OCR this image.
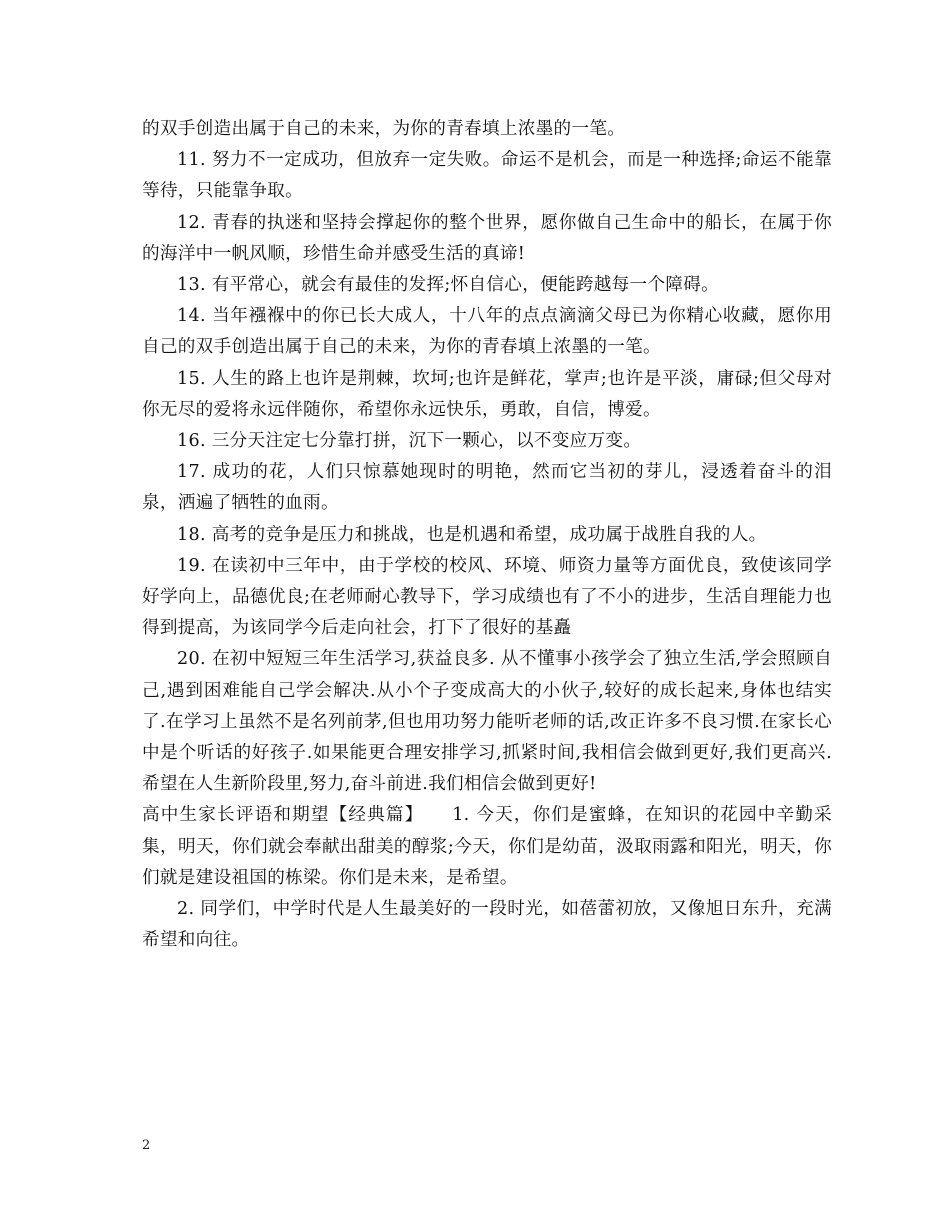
的双手创造出属于自己的未来，为你的青春填上浓墨的一笔。

11. 努力不一定成功，但放弃一定失败。命运不是机会，而是一种选择;命运不能靠等待，只能靠争取。

12. 青春的执迷和坚持会撑起你的整个世界，愿你做自己生命中的船长，在属于你的海洋中一帆风顺，珍惜生命并感受生活的真谛!

13. 有平常心，就会有最佳的发挥;怀自信心，便能跨越每一个障碍。

14. 当年襁褓中的你已长大成人，十八年的点点滴滴父母已为你精心收藏，愿你用自己的双手创造出属于自己的未来，为你的青春填上浓墨的一笔。

15. 人生的路上也许是荆棘，坎坷;也许是鲜花，掌声;也许是平淡，庸碌;但父母对你无尽的爱将永远伴随你，希望你永远快乐，勇敢，自信，博爱。

16. 三分天注定七分靠打拼，沉下一颗心，以不变应万变。

17. 成功的花，人们只惊慕她现时的明艳，然而它当初的芽儿，浸透着奋斗的泪泉，洒遍了牺牲的血雨。

18. 高考的竞争是压力和挑战，也是机遇和希望，成功属于战胜自我的人。

19. 在读初中三年中，由于学校的校风、环境、师资力量等方面优良，致使该同学好学向上，品德优良;在老师耐心教导下，学习成绩也有了不小的进步，生活自理能力也得到提高，为该同学今后走向社会，打下了很好的基矗

20. 在初中短短三年生活学习,获益良多. 从不懂事小孩学会了独立生活,学会照顾自己,遇到困难能自己学会解决.从小个子变成高大的小伙子,较好的成长起来,身体也结实了.在学习上虽然不是名列前茅,但也用功努力能听老师的话,改正许多不良习惯.在家长心中是个听话的好孩子.如果能更合理安排学习,抓紧时间,我相信会做到更好,我们更高兴.希望在人生新阶段里,努力,奋斗前进.我们相信会做到更好!

高中生家长评语和期望【经典篇】　　1. 今天，你们是蜜蜂，在知识的花园中辛勤采集，明天，你们就会奉献出甜美的醇浆;今天，你们是幼苗，汲取雨露和阳光，明天，你们就是建设祖国的栋梁。你们是未来，是希望。

2. 同学们，中学时代是人生最美好的一段时光，如蓓蕾初放，又像旭日东升，充满希望和向往。

2
